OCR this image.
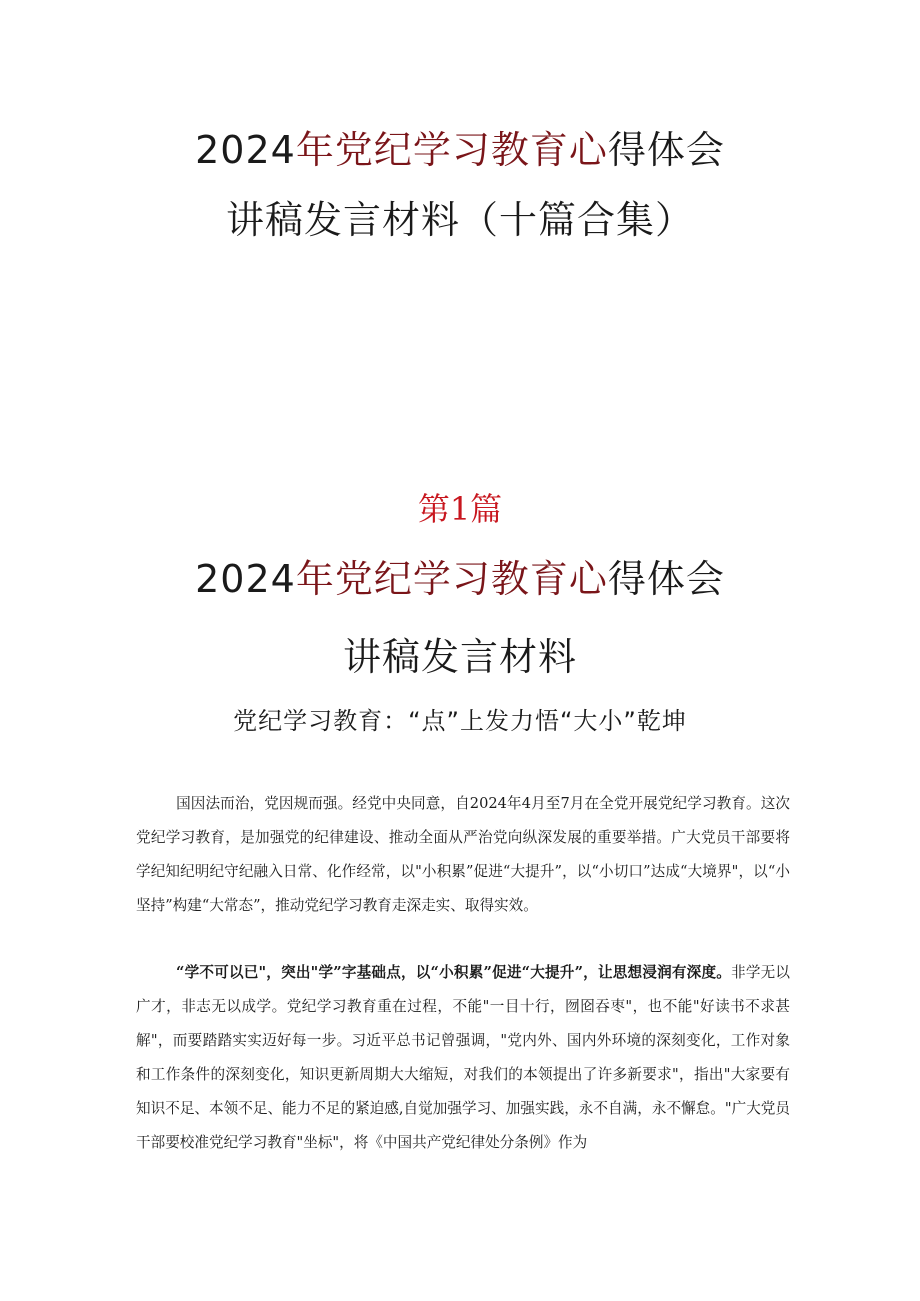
2024年党纪学习教育心得体会
讲稿发言材料（十篇合集）
第1篇
2024年党纪学习教育心得体会
讲稿发言材料
党纪学习教育：“点”上发力悟“大小”乾坤
国因法而治，党因规而强。经党中央同意，自2024年4月至7月在全党开展党纪学习教育。这次党纪学习教育，是加强党的纪律建设、推动全面从严治党向纵深发展的重要举措。广大党员干部要将学纪知纪明纪守纪融入日常、化作经常，以"小积累”促进“大提升”，以“小切口”达成“大境界"，以“小坚持”构建“大常态”，推动党纪学习教育走深走实、取得实效。
“学不可以已"，突出"学”字基础点，以“小积累”促进“大提升”，让思想浸润有深度。非学无以广才，非志无以成学。党纪学习教育重在过程，不能"一目十行，囫囵吞枣"，也不能"好读书不求甚解"，而要踏踏实实迈好每一步。习近平总书记曾强调，"党内外、国内外环境的深刻变化，工作对象和工作条件的深刻变化，知识更新周期大大缩短，对我们的本领提出了许多新要求"，指出"大家要有知识不足、本领不足、能力不足的紧迫感,自觉加强学习、加强实践，永不自满，永不懈怠。"广大党员干部要校准党纪学习教育"坐标"，将《中国共产党纪律处分条例》作为
